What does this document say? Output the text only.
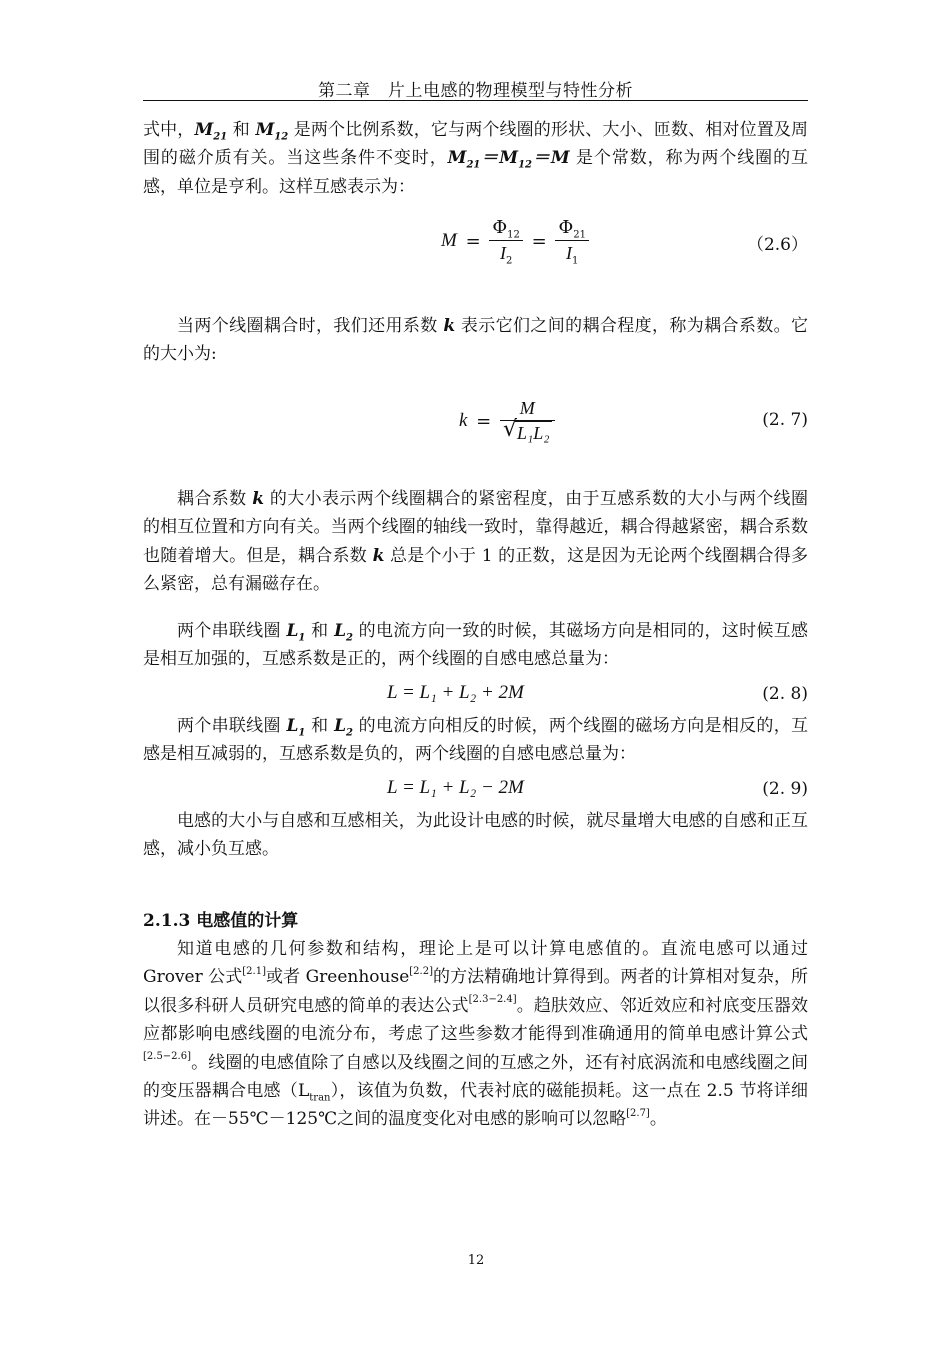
第二章　片上电感的物理模型与特性分析
式中，$M_{21}$ 和 $M_{12}$ 是两个比例系数，它与两个线圈的形状、大小、匝数、相对位置及周围的磁介质有关。当这些条件不变时，$M_{21}=M_{12}=M$ 是个常数，称为两个线圈的互感，单位是亨利。这样互感表示为：
$M = \frac{\Phi_{12}}{I_2} = \frac{\Phi_{21}}{I_1}$	（2.6）
当两个线圈耦合时，我们还用系数 k 表示它们之间的耦合程度，称为耦合系数。它的大小为:
$k = \frac{M}{\text{√ L₁L₂}}$	(2. 7)
耦合系数 k 的大小表示两个线圈耦合的紧密程度，由于互感系数的大小与两个线圈的相互位置和方向有关。当两个线圈的轴线一致时，靠得越近，耦合得越紧密，耦合系数也随着增大。但是，耦合系数 k 总是个小于 1 的正数，这是因为无论两个线圈耦合得多么紧密，总有漏磁存在。
两个串联线圈 $L_1$ 和 $L_2$ 的电流方向一致的时候，其磁场方向是相同的，这时候互感是相互加强的，互感系数是正的，两个线圈的自感电感总量为：
L = L₁ + L₂ + 2M	(2. 8)
两个串联线圈 $L_1$ 和 $L_2$ 的电流方向相反的时候，两个线圈的磁场方向是相反的，互感是相互减弱的，互感系数是负的，两个线圈的自感电感总量为：
L = L₁ + L₂ − 2M	(2. 9)
电感的大小与自感和互感相关，为此设计电感的时候，就尽量增大电感的自感和正互感，减小负互感。
2.1.3 电感值的计算
知道电感的几何参数和结构，理论上是可以计算电感值的。直流电感可以通过 Grover 公式[2.1]或者 Greenhouse[2.2]的方法精确地计算得到。两者的计算相对复杂，所以很多科研人员研究电感的简单的表达公式[2.3−2.4]。趋肤效应、邻近效应和衬底变压器效应都影响电感线圈的电流分布，考虑了这些参数才能得到准确通用的简单电感计算公式[2.5−2.6]。线圈的电感值除了自感以及线圈之间的互感之外，还有衬底涡流和电感线圈之间的变压器耦合电感$(L_{tran})$，该值为负数，代表衬底的磁能损耗。这一点在 2.5 节将详细讲述。在－55℃－125℃之间的温度变化对电感的影响可以忽略[2.7]。
12
